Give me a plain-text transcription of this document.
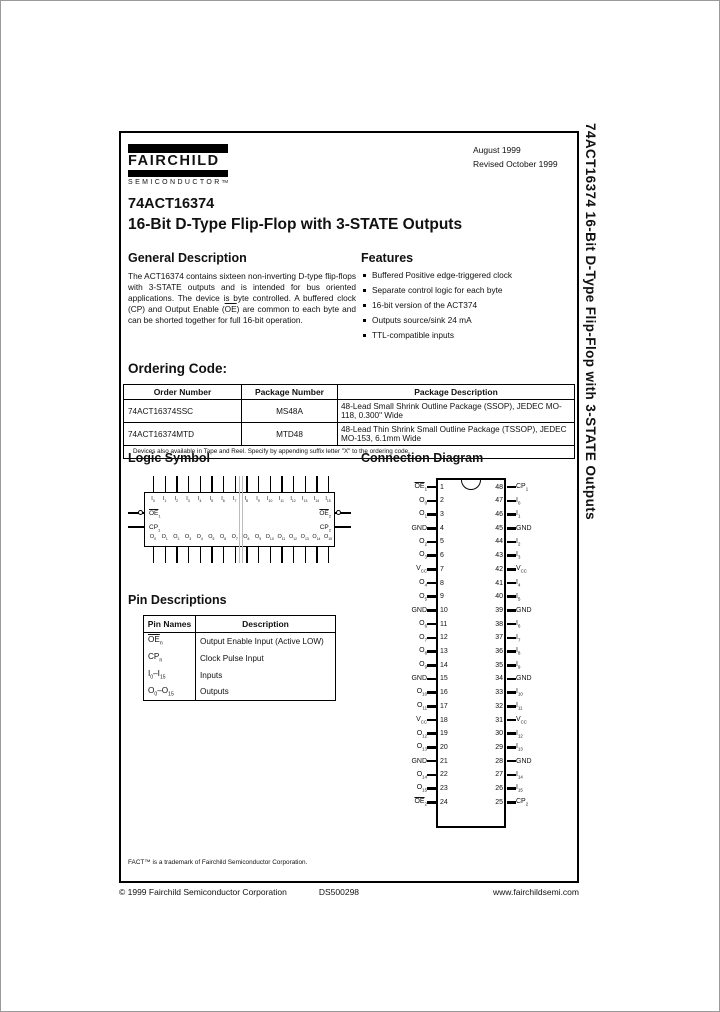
74ACT16374 16-Bit D-Type Flip-Flop with 3-STATE Outputs
FAIRCHILD
SEMICONDUCTOR™
August 1999
Revised October 1999
74ACT16374
16-Bit D-Type Flip-Flop with 3-STATE Outputs
General Description
The ACT16374 contains sixteen non-inverting D-type flip-flops with 3-STATE outputs and is intended for bus oriented applications. The device is byte controlled. A buffered clock (CP) and Output Enable $(\overline{OE})$ are common to each byte and can be shorted together for full 16-bit operation.
Features
Buffered Positive edge-triggered clock
Separate control logic for each byte
16-bit version of the ACT374
Outputs source/sink 24 mA
TTL-compatible inputs
Ordering Code:
Order Number	Package Number	Package Description
74ACT16374SSC	MS48A	48-Lead Small Shrink Outline Package (SSOP), JEDEC MO-118, 0.300" Wide
74ACT16374MTD	MTD48	48-Lead Thin Shrink Small Outline Package (TSSOP), JEDEC MO-153, 6.1mm Wide
Devices also available in Tape and Reel. Specify by appending suffix letter "X" to the ordering code.		
Logic Symbol
$I_0$ $I_1$ $I_2$ $I_3$ $I_4$ $I_5$ $I_6$ $I_7$ $I_8$ $I_9$ $I_{10}$ $I_{11}$ $I_{12}$ $I_{13}$ $I_{14}$ $I_{15}$
$O_0$ $O_1$ $O_2$ $O_3$ $O_4$ $O_5$ $O_6$ $O_7$ $O_8$ $O_9$ $O_{10}$ $O_{11}$ $O_{12}$ $O_{13}$ $O_{14}$ $O_{15}$
$\overline{OE}_1$
$CP_1$
$\overline{OE}_2$
$CP_2$
Connection Diagram
$\overline{OE}_1$	1	48	$CP_1$
$O_0$	2	47	$I_0$
$O_1$	3	46	$I_1$
GND	4	45	GND
$O_2$	5	44	$I_2$
$O_3$	6	43	$I_3$
$V_{CC}$	7	42	$V_{CC}$
$O_4$	8	41	$I_4$
$O_5$	9	40	$I_5$
GND	10	39	GND
$O_6$	11	38	$I_6$
$O_7$	12	37	$I_7$
$O_8$	13	36	$I_8$
$O_9$	14	35	$I_9$
GND	15	34	GND
$O_{10}$	16	33	$I_{10}$
$O_{11}$	17	32	$I_{11}$
$V_{CC}$	18	31	$V_{CC}$
$O_{12}$	19	30	$I_{12}$
$O_{13}$	20	29	$I_{13}$
GND	21	28	GND
$O_{14}$	22	27	$I_{14}$
$O_{15}$	23	26	$I_{15}$
$\overline{OE}_2$	24	25	$CP_2$
Pin Descriptions
Pin Names	Description
$\overline{OE}_n$	Output Enable Input (Active LOW)
$CP_n$	Clock Pulse Input
$I_0-I_{15}$	Inputs
$O_0-O_{15}$	Outputs
FACT™ is a trademark of Fairchild Semiconductor Corporation.
© 1999 Fairchild Semiconductor Corporation	DS500298	www.fairchildsemi.com
